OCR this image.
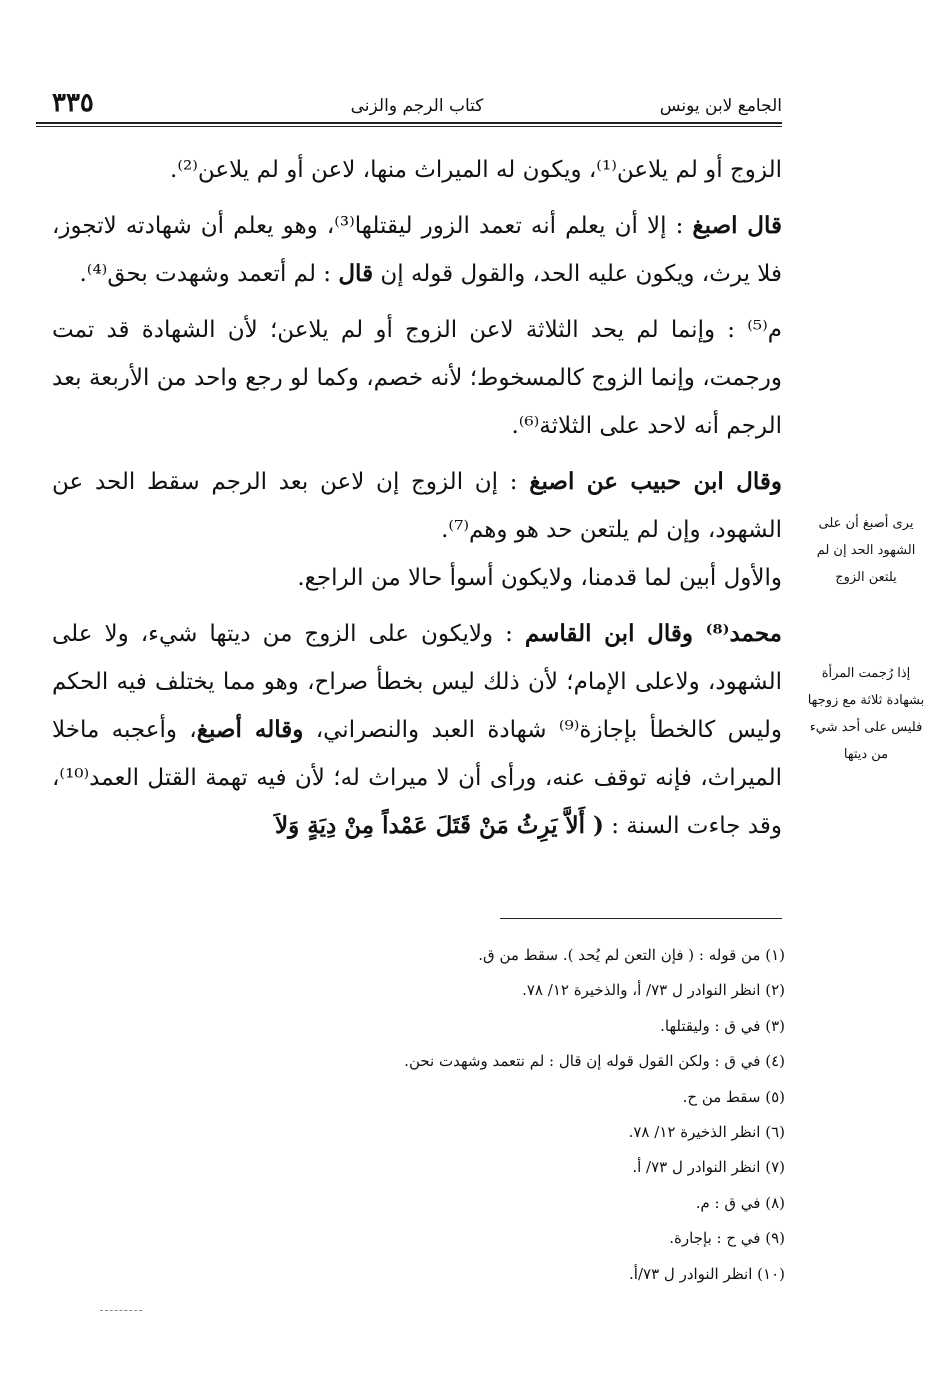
الجامع لابن يونس
كتاب الرجم والزنى
٣٣٥

الزوج أو لم يلاعن⁽¹⁾، ويكون له الميراث منها، لاعن أو لم يلاعن⁽²⁾.

قال اصبغ : إلا أن يعلم أنه تعمد الزور ليقتلها⁽³⁾، وهو يعلم أن شهادته لاتجوز، فلا يرث، ويكون عليه الحد، والقول قوله إن قال : لم أتعمد وشهدت بحق⁽⁴⁾.

م⁽⁵⁾ : وإنما لم يحد الثلاثة لاعن الزوج أو لم يلاعن؛ لأن الشهادة قد تمت ورجمت، وإنما الزوج كالمسخوط؛ لأنه خصم، وكما لو رجع واحد من الأربعة بعد الرجم أنه لاحد على الثلاثة⁽⁶⁾.

وقال ابن حبيب عن اصبغ : إن الزوج إن لاعن بعد الرجم سقط الحد عن الشهود، وإن لم يلتعن حد هو وهم⁽⁷⁾.

والأول أبين لما قدمنا، ولايكون أسوأ حالا من الراجع.

محمد⁽⁸⁾ وقال ابن القاسم : ولايكون على الزوج من ديتها شيء، ولا على الشهود، ولاعلى الإمام؛ لأن ذلك ليس بخطأ صراح، وهو مما يختلف فيه الحكم وليس كالخطأ بإجازة⁽⁹⁾ شهادة العبد والنصراني، وقاله أصبغ، وأعجبه ماخلا الميراث، فإنه توقف عنه، ورأى أن لا ميراث له؛ لأن فيه تهمة القتل العمد⁽¹⁰⁾، وقد جاءت السنة : ( أَلاَّ يَرِثُ مَنْ قَتَلَ عَمْداً مِنْ دِيَةٍ وَلاَ

يرى أصبغ أن على الشهود الحد إن لم يلتعن الزوج
إذا رُجمت المرأة بشهادة ثلاثة مع زوجها فليس على أحد شيء من ديتها
(١) من قوله : ( فإن التعن لم يُحد ). سقط من ق.
(٢) انظر النوادر ل ٧٣/ أ، والذخيرة ١٢/ ٧٨.
(٣) في ق : وليقتلها.
(٤) في ق : ولكن القول قوله إن قال : لم نتعمد وشهدت نحن.
(٥) سقط من ح.
(٦) انظر الذخيرة ١٢/ ٧٨.
(٧) انظر النوادر ل ٧٣/ أ.
(٨) في ق : م.
(٩) في ح : بإجارة.
(١٠) انظر النوادر ل ٧٣/أ.
